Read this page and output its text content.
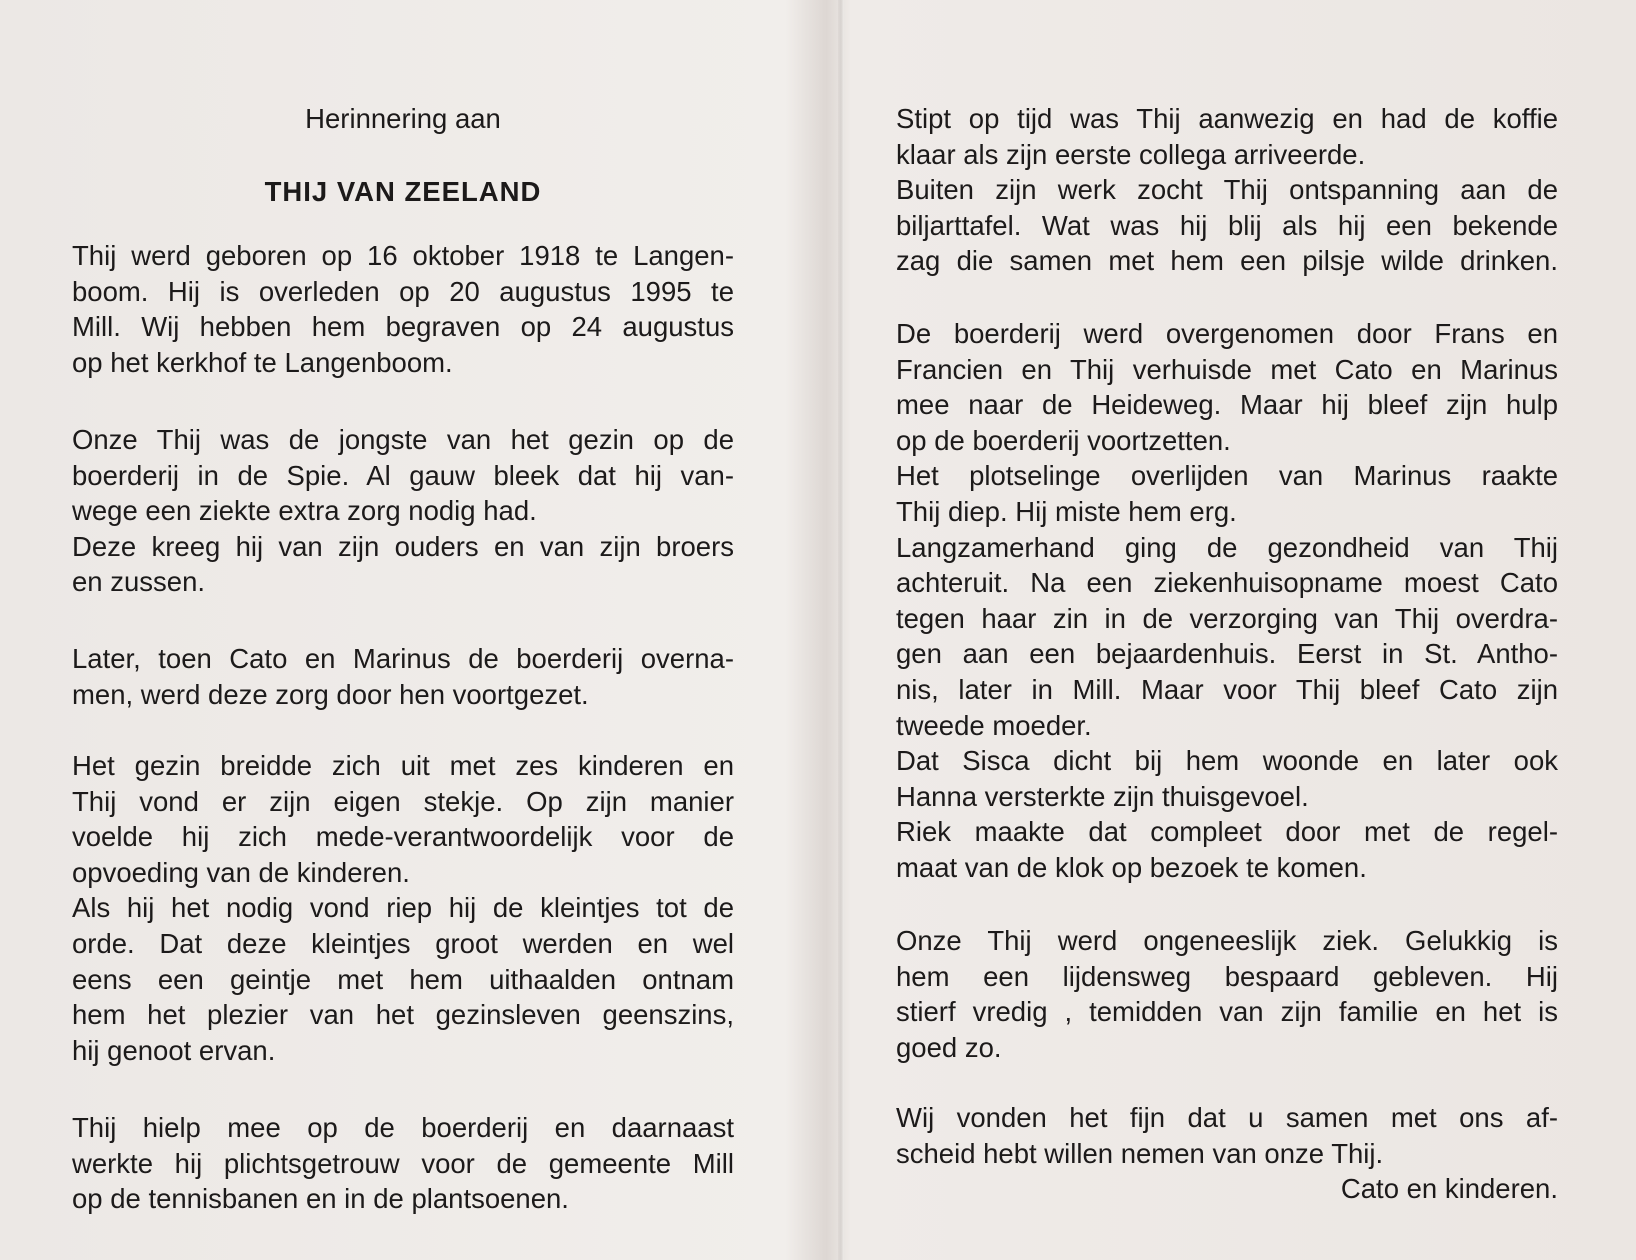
Herinnering aan
THIJ VAN ZEELAND
Thij werd geboren op 16 oktober 1918 te Langen-
boom. Hij is overleden op 20 augustus 1995 te
Mill. Wij hebben hem begraven op 24 augustus
op het kerkhof te Langenboom.
Onze Thij was de jongste van het gezin op de
boerderij in de Spie. Al gauw bleek dat hij van-
wege een ziekte extra zorg nodig had.
Deze kreeg hij van zijn ouders en van zijn broers
en zussen.
Later, toen Cato en Marinus de boerderij overna-
men, werd deze zorg door hen voortgezet.
Het gezin breidde zich uit met zes kinderen en
Thij vond er zijn eigen stekje. Op zijn manier
voelde hij zich mede-verantwoordelijk voor de
opvoeding van de kinderen.
Als hij het nodig vond riep hij de kleintjes tot de
orde. Dat deze kleintjes groot werden en wel
eens een geintje met hem uithaalden ontnam
hem het plezier van het gezinsleven geenszins,
hij genoot ervan.
Thij hielp mee op de boerderij en daarnaast
werkte hij plichtsgetrouw voor de gemeente Mill
op de tennisbanen en in de plantsoenen.
Stipt op tijd was Thij aanwezig en had de koffie
klaar als zijn eerste collega arriveerde.
Buiten zijn werk zocht Thij ontspanning aan de
biljarttafel. Wat was hij blij als hij een bekende
zag die samen met hem een pilsje wilde drinken.
De boerderij werd overgenomen door Frans en
Francien en Thij verhuisde met Cato en Marinus
mee naar de Heideweg. Maar hij bleef zijn hulp
op de boerderij voortzetten.
Het plotselinge overlijden van Marinus raakte
Thij diep. Hij miste hem erg.
Langzamerhand ging de gezondheid van Thij
achteruit. Na een ziekenhuisopname moest Cato
tegen haar zin in de verzorging van Thij overdra-
gen aan een bejaardenhuis. Eerst in St. Antho-
nis, later in Mill. Maar voor Thij bleef Cato zijn
tweede moeder.
Dat Sisca dicht bij hem woonde en later ook
Hanna versterkte zijn thuisgevoel.
Riek maakte dat compleet door met de regel-
maat van de klok op bezoek te komen.
Onze Thij werd ongeneeslijk ziek. Gelukkig is
hem een lijdensweg bespaard gebleven. Hij
stierf vredig , temidden van zijn familie en het is
goed zo.
Wij vonden het fijn dat u samen met ons af-
scheid hebt willen nemen van onze Thij.
Cato en kinderen.
